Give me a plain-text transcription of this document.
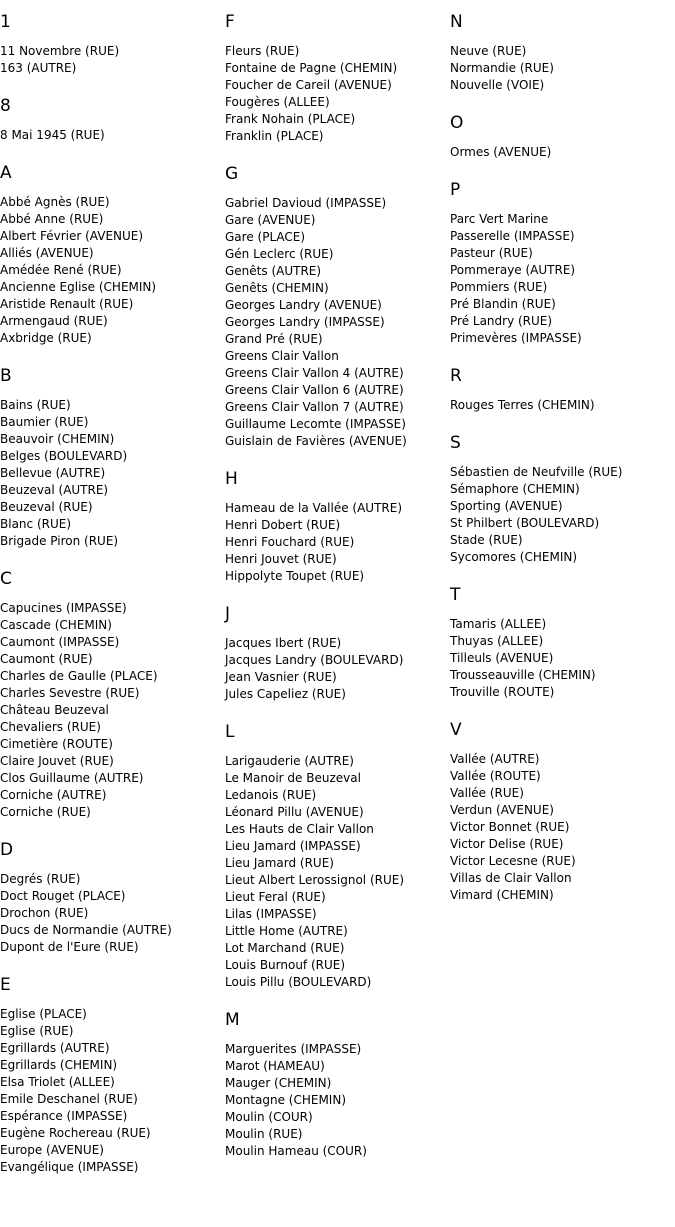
1
11 Novembre (RUE)
163 (AUTRE)
8
8 Mai 1945 (RUE)
A
Abbé Agnès (RUE)
Abbé Anne (RUE)
Albert Février (AVENUE)
Alliés (AVENUE)
Amédée René (RUE)
Ancienne Eglise (CHEMIN)
Aristide Renault (RUE)
Armengaud (RUE)
Axbridge (RUE)
B
Bains (RUE)
Baumier (RUE)
Beauvoir (CHEMIN)
Belges (BOULEVARD)
Bellevue (AUTRE)
Beuzeval (AUTRE)
Beuzeval (RUE)
Blanc (RUE)
Brigade Piron (RUE)
C
Capucines (IMPASSE)
Cascade (CHEMIN)
Caumont (IMPASSE)
Caumont (RUE)
Charles de Gaulle (PLACE)
Charles Sevestre (RUE)
Château Beuzeval
Chevaliers (RUE)
Cimetière (ROUTE)
Claire Jouvet (RUE)
Clos Guillaume (AUTRE)
Corniche (AUTRE)
Corniche (RUE)
D
Degrés (RUE)
Doct Rouget (PLACE)
Drochon (RUE)
Ducs de Normandie (AUTRE)
Dupont de l'Eure (RUE)
E
Eglise (PLACE)
Eglise (RUE)
Egrillards (AUTRE)
Egrillards (CHEMIN)
Elsa Triolet (ALLEE)
Emile Deschanel (RUE)
Espérance (IMPASSE)
Eugène Rochereau (RUE)
Europe (AVENUE)
Evangélique (IMPASSE)
F
Fleurs (RUE)
Fontaine de Pagne (CHEMIN)
Foucher de Careil (AVENUE)
Fougères (ALLEE)
Frank Nohain (PLACE)
Franklin (PLACE)
G
Gabriel Davioud (IMPASSE)
Gare (AVENUE)
Gare (PLACE)
Gén Leclerc (RUE)
Genêts (AUTRE)
Genêts (CHEMIN)
Georges Landry (AVENUE)
Georges Landry (IMPASSE)
Grand Pré (RUE)
Greens Clair Vallon
Greens Clair Vallon 4 (AUTRE)
Greens Clair Vallon 6 (AUTRE)
Greens Clair Vallon 7 (AUTRE)
Guillaume Lecomte (IMPASSE)
Guislain de Favières (AVENUE)
H
Hameau de la Vallée (AUTRE)
Henri Dobert (RUE)
Henri Fouchard (RUE)
Henri Jouvet (RUE)
Hippolyte Toupet (RUE)
J
Jacques Ibert (RUE)
Jacques Landry (BOULEVARD)
Jean Vasnier (RUE)
Jules Capeliez (RUE)
L
Larigauderie (AUTRE)
Le Manoir de Beuzeval
Ledanois (RUE)
Léonard Pillu (AVENUE)
Les Hauts de Clair Vallon
Lieu Jamard (IMPASSE)
Lieu Jamard (RUE)
Lieut Albert Lerossignol (RUE)
Lieut Feral (RUE)
Lilas (IMPASSE)
Little Home (AUTRE)
Lot Marchand (RUE)
Louis Burnouf (RUE)
Louis Pillu (BOULEVARD)
M
Marguerites (IMPASSE)
Marot (HAMEAU)
Mauger (CHEMIN)
Montagne (CHEMIN)
Moulin (COUR)
Moulin (RUE)
Moulin Hameau (COUR)
N
Neuve (RUE)
Normandie (RUE)
Nouvelle (VOIE)
O
Ormes (AVENUE)
P
Parc Vert Marine
Passerelle (IMPASSE)
Pasteur (RUE)
Pommeraye (AUTRE)
Pommiers (RUE)
Pré Blandin (RUE)
Pré Landry (RUE)
Primevères (IMPASSE)
R
Rouges Terres (CHEMIN)
S
Sébastien de Neufville (RUE)
Sémaphore (CHEMIN)
Sporting (AVENUE)
St Philbert (BOULEVARD)
Stade (RUE)
Sycomores (CHEMIN)
T
Tamaris (ALLEE)
Thuyas (ALLEE)
Tilleuls (AVENUE)
Trousseauville (CHEMIN)
Trouville (ROUTE)
V
Vallée (AUTRE)
Vallée (ROUTE)
Vallée (RUE)
Verdun (AVENUE)
Victor Bonnet (RUE)
Victor Delise (RUE)
Victor Lecesne (RUE)
Villas de Clair Vallon
Vimard (CHEMIN)
